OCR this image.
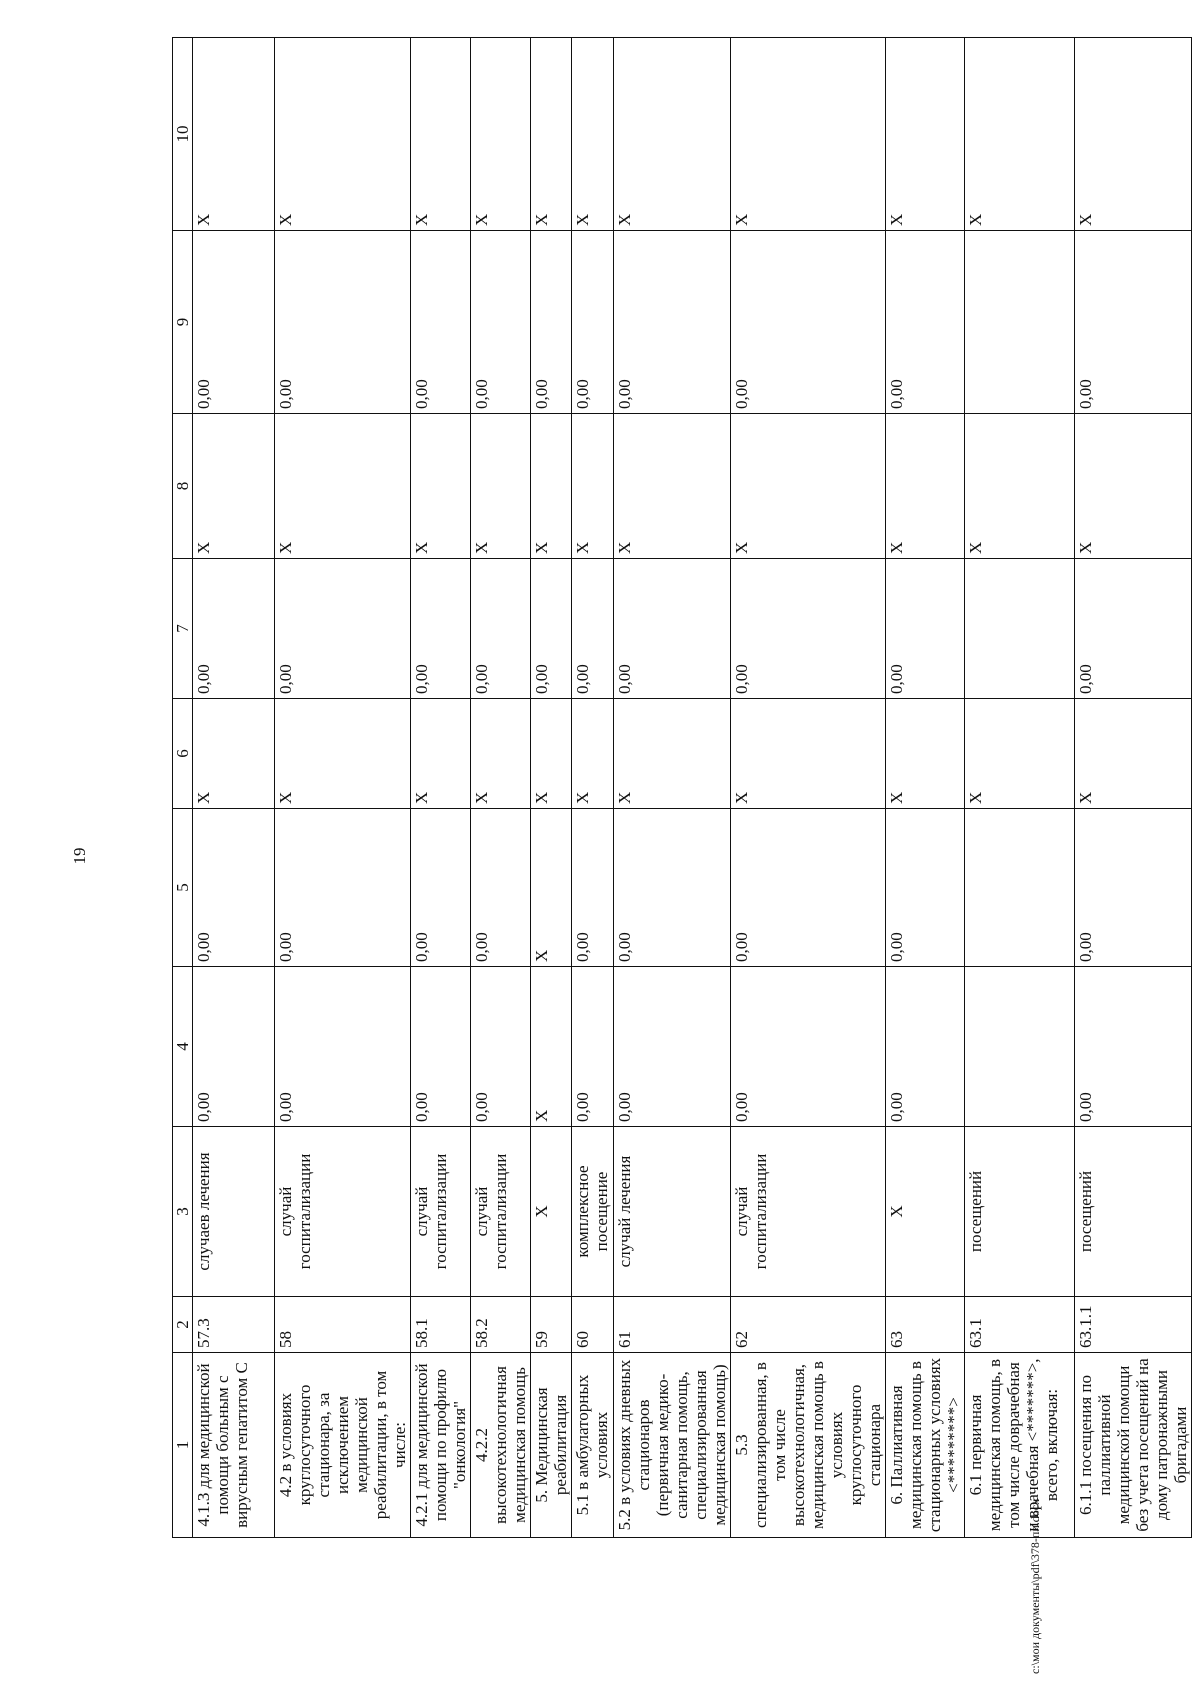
19
1	2	3	4	5	6	7	8	9	10
4.1.3 для медицинской помощи больным с вирусным гепатитом С	57.3	случаев лечения	0,00	0,00	X	0,00	X	0,00	X
4.2 в условиях круглосуточного стационара, за исключением медицинской реабилитации, в том числе:	58	случай госпитализации	0,00	0,00	X	0,00	X	0,00	X
4.2.1 для медицинской помощи по профилю "онкология"	58.1	случай госпитализации	0,00	0,00	X	0,00	X	0,00	X
4.2.2 высокотехнологичная медицинская помощь	58.2	случай госпитализации	0,00	0,00	X	0,00	X	0,00	X
5. Медицинская реабилитация	59	X	X	X	X	0,00	X	0,00	X
5.1 в амбулаторных условиях	60	комплексное посещение	0,00	0,00	X	0,00	X	0,00	X
5.2 в условиях дневных стационаров (первичная медико-санитарная помощь, специализированная медицинская помощь)	61	случай лечения	0,00	0,00	X	0,00	X	0,00	X
5.3 специализированная, в том числе высокотехнологичная, медицинская помощь в условиях круглосуточного стационара	62	случай госпитализации	0,00	0,00	X	0,00	X	0,00	X
6. Паллиативная медицинская помощь в стационарных условиях <*********>	63	X	0,00	0,00	X	0,00	X	0,00	X
6.1 первичная медицинская помощь, в том числе доврачебная и врачебная <*******>, всего, включая:	63.1	посещений			X		X		X
6.1.1 посещения по паллиативной медицинской помощи без учета посещений на дому патронажными бригадами	63.1.1	посещений	0,00	0,00	X	0,00	X	0,00	X
c:\мои документы\pdf\378-пп.docx
